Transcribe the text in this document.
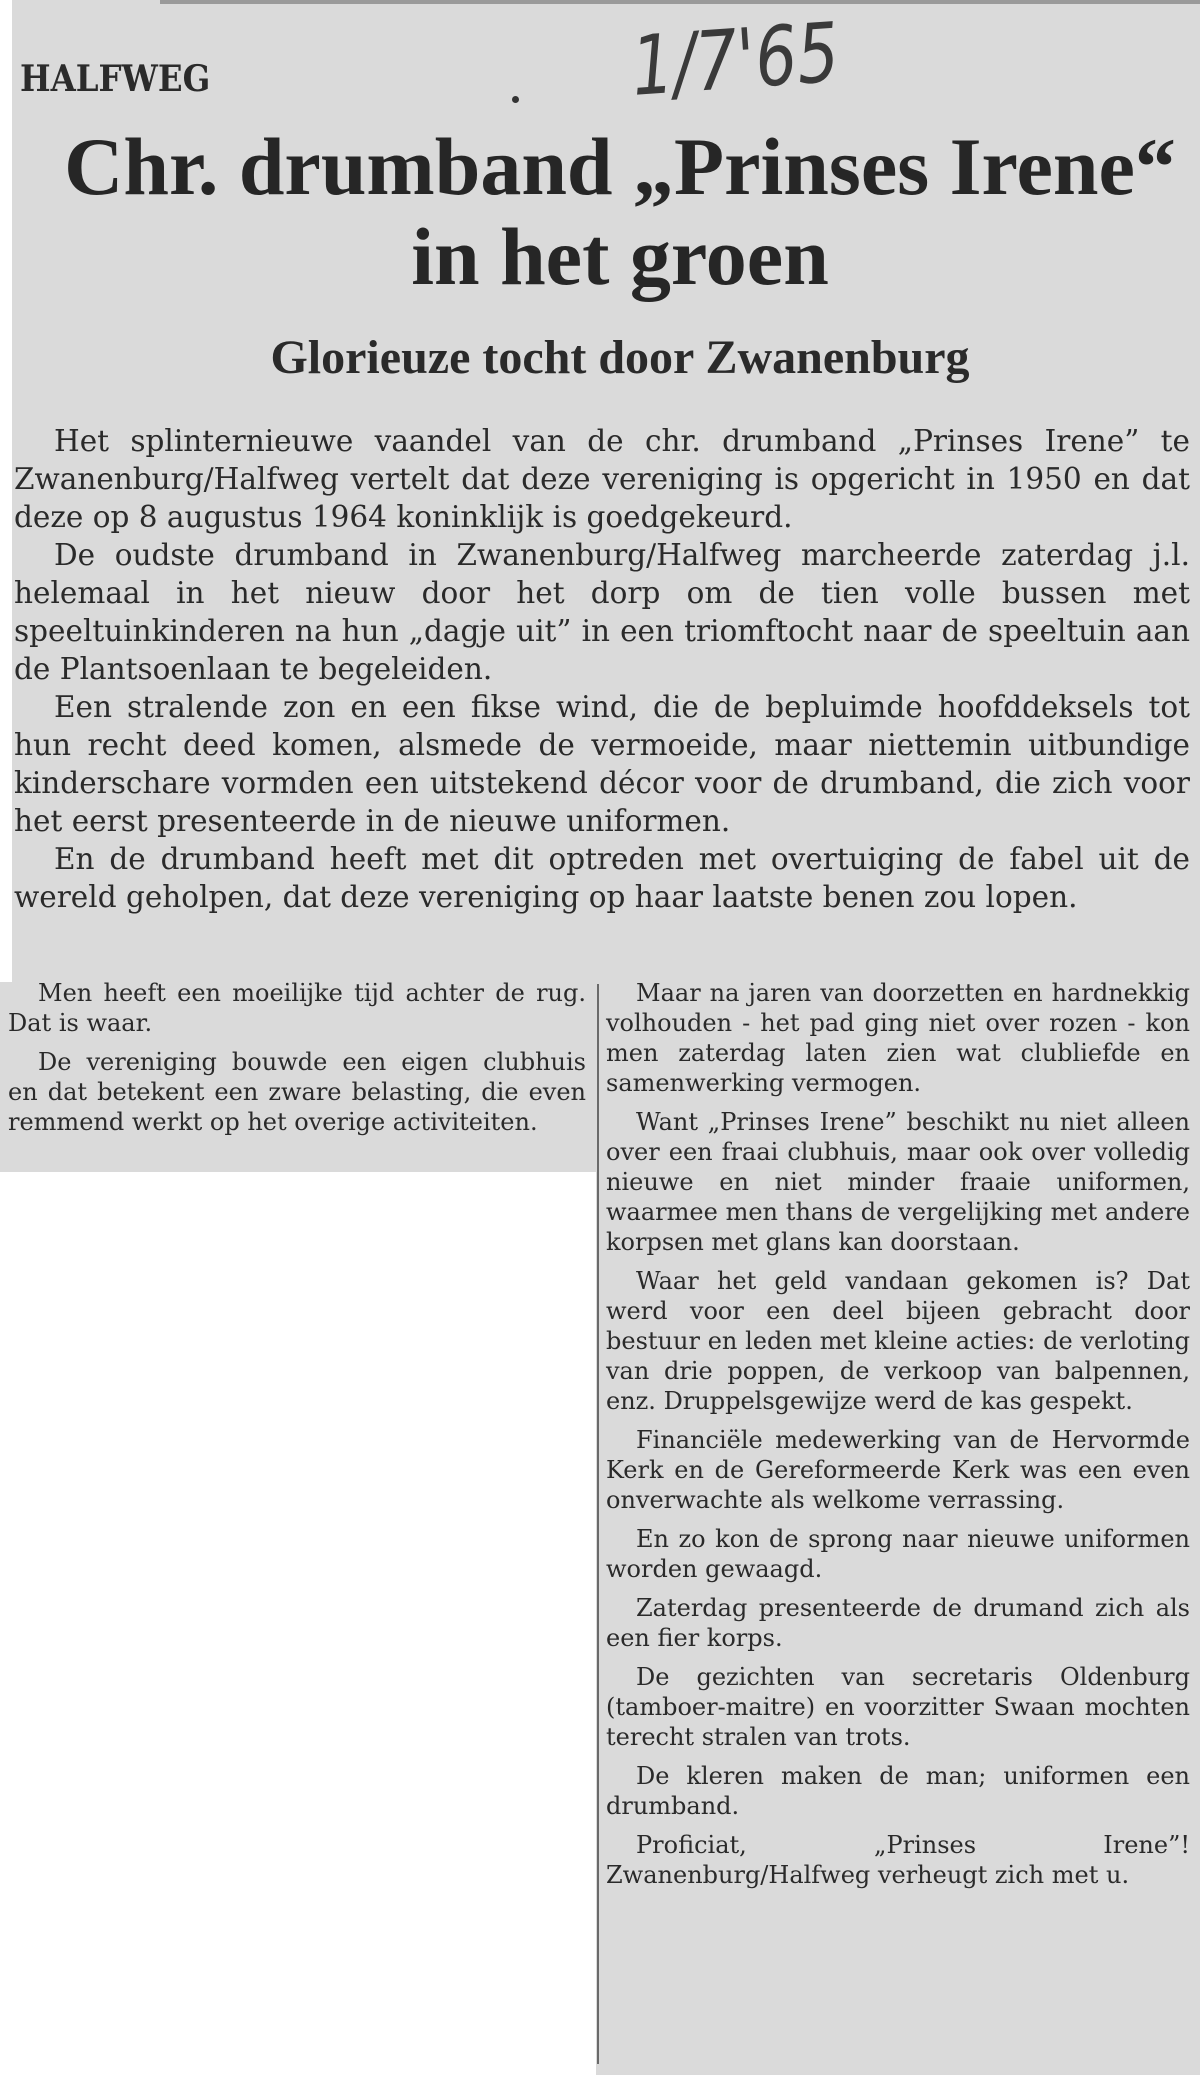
HALFWEG	1/7'65
Chr. drumband „Prinses Irene“
in het groen
Glorieuze tocht door Zwanenburg

Het splinternieuwe vaandel van de chr. drumband „Prinses Irene” te Zwanenburg/Halfweg vertelt dat deze vereniging is opgericht in 1950 en dat deze op 8 augustus 1964 koninklijk is goedgekeurd.

De oudste drumband in Zwanenburg/Halfweg marcheerde zaterdag j.l. helemaal in het nieuw door het dorp om de tien volle bussen met speeltuinkinderen na hun „dagje uit” in een triomftocht naar de speeltuin aan de Plantsoenlaan te begeleiden.

Een stralende zon en een fikse wind, die de bepluimde hoofddeksels tot hun recht deed komen, alsmede de vermoeide, maar niettemin uitbundige kinderschare vormden een uitstekend décor voor de drumband, die zich voor het eerst presenteerde in de nieuwe uniformen.

En de drumband heeft met dit optreden met overtuiging de fabel uit de wereld geholpen, dat deze vereniging op haar laatste benen zou lopen.

Men heeft een moeilijke tijd achter de rug. Dat is waar.

De vereniging bouwde een eigen clubhuis en dat betekent een zware belasting, die even remmend werkt op het overige activiteiten.

Maar na jaren van doorzetten en hardnekkig volhouden - het pad ging niet over rozen - kon men zaterdag laten zien wat clubliefde en samenwerking vermogen.

Want „Prinses Irene” beschikt nu niet alleen over een fraai clubhuis, maar ook over volledig nieuwe en niet minder fraaie uniformen, waarmee men thans de vergelijking met andere korpsen met glans kan doorstaan.

Waar het geld vandaan gekomen is? Dat werd voor een deel bijeen gebracht door bestuur en leden met kleine acties: de verloting van drie poppen, de verkoop van balpennen, enz. Druppelsgewijze werd de kas gespekt.

Financiële medewerking van de Hervormde Kerk en de Gereformeerde Kerk was een even onverwachte als welkome verrassing.

En zo kon de sprong naar nieuwe uniformen worden gewaagd.

Zaterdag presenteerde de drumand zich als een fier korps.

De gezichten van secretaris Oldenburg (tamboer-maitre) en voorzitter Swaan mochten terecht stralen van trots.

De kleren maken de man; uniformen een drumband.

Proficiat, „Prinses Irene”! Zwanenburg/Halfweg verheugt zich met u.
